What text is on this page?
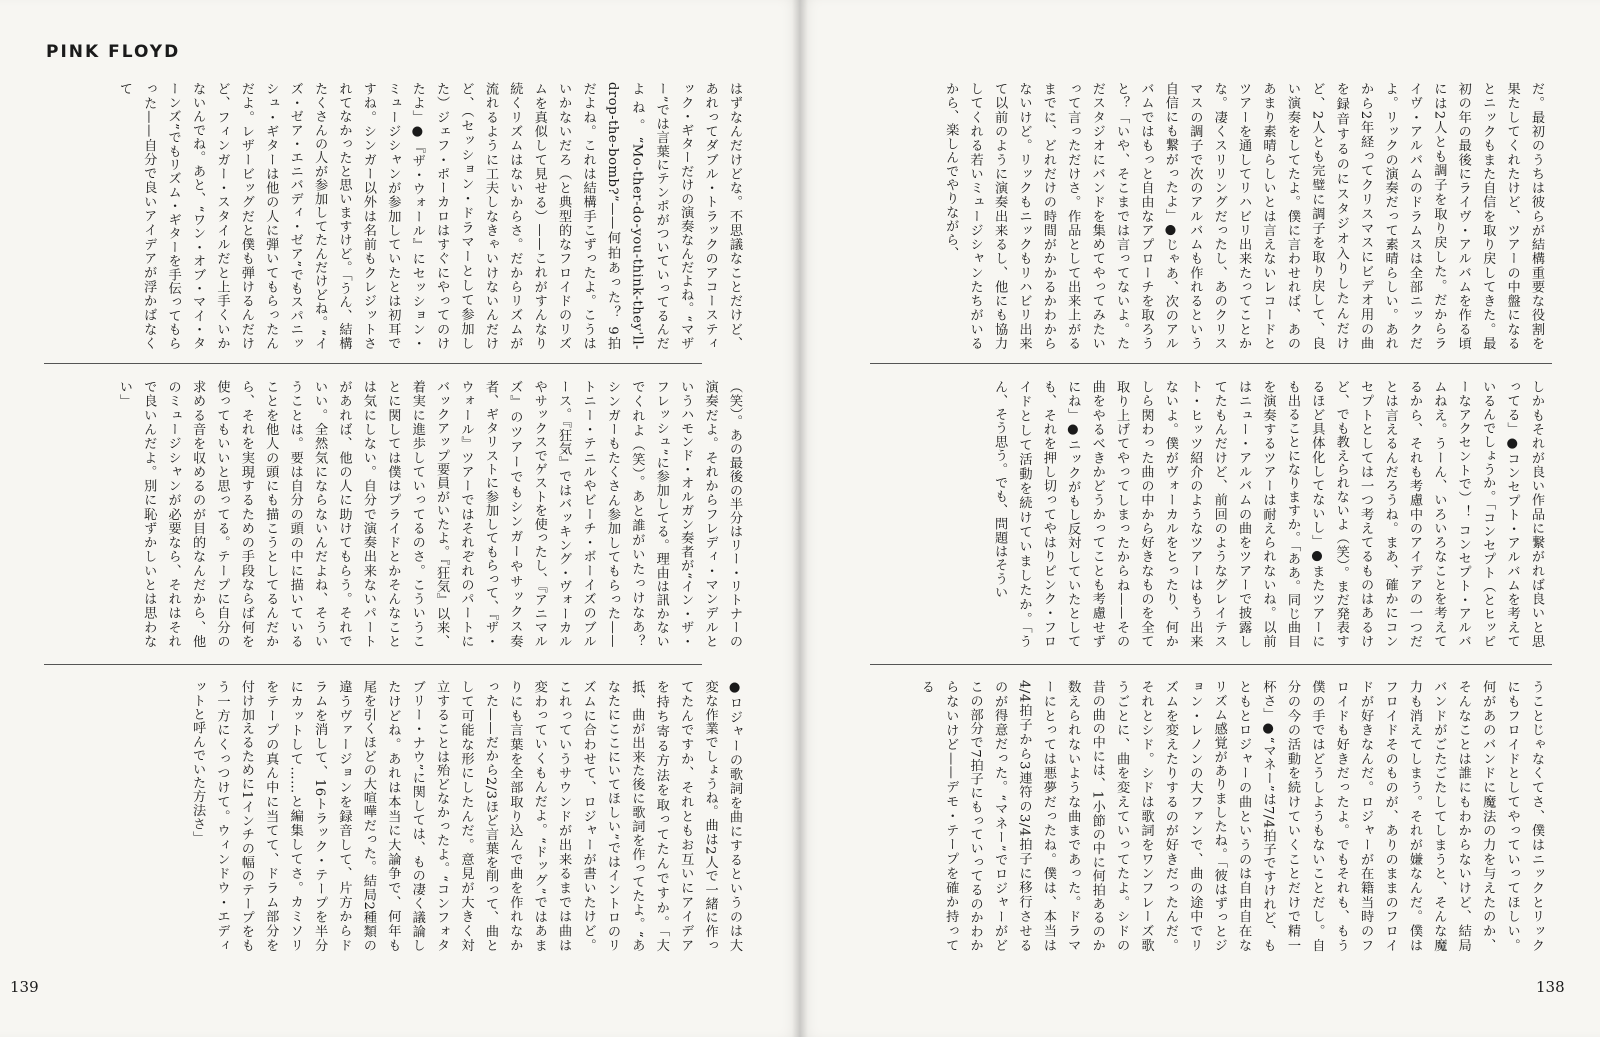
PINK FLOYD
はずなんだけどな。不思議なことだけど、あれってダブル・トラックのアコースティック・ギターだけの演奏なんだよね。“マザー”では言葉にテンポがついていってるんだよね。“Mo-ther-do-you-think-they'll-drop-the-bomb?”——何拍あった？ 9拍だよね。これは結構手こずったよ。こうはいかないだろ（と典型的なフロイドのリズムを真似して見せる）——これがすんなり続くリズムはないからさ。だからリズムが流れるように工夫しなきゃいけないんだけど、（セッション・ドラマーとして参加した）ジェフ・ポーカロはすぐにやってのけたよ」●『ザ・ウォール』にセッション・ミュージシャンが参加していたとは初耳ですね。シンガー以外は名前もクレジットされてなかったと思いますけど。「うん、結構たくさんの人が参加してたんだけどね。“イズ・ゼア・エニバディ・ゼア”でもスパニッシュ・ギターは他の人に弾いてもらったんだよ。レザービッグだと僕も弾けるんだけど、フィンガー・スタイルだと上手くいかないんでね。あと、“ワン・オブ・マイ・ターンズ”でもリズム・ギターを手伝ってもらった——自分で良いアイデアが浮かばなくて
（笑）。あの最後の半分はリー・リトナーの演奏だよ。それからフレディ・マンデルというハモンド・オルガン奏者が“イン・ザ・フレッシュ”に参加してる。理由は訊かないでくれよ（笑）。あと誰がいたっけなあ？ シンガーもたくさん参加してもらった——トニー・テニルやビーチ・ボーイズのブルース。『狂気』ではバッキング・ヴォーカルやサックスでゲストを使ったし、『アニマルズ』のツアーでもシンガーやサックス奏者、ギタリストに参加してもらって、『ザ・ウォール』ツアーではそれぞれのパートにバックアップ要員がいたよ。『狂気』以来、着実に進歩していってるのさ。こういうことに関しては僕はプライドとかそんなことは気にしない。自分で演奏出来ないパートがあれば、他の人に助けてもらう。それでいい。全然気にならないんだよね、そういうことは。要は自分の頭の中に描いていることを他人の頭にも描こうとしてるんだから、それを実現するための手段ならば何を使ってもいいと思ってる。テープに自分の求める音を収めるのが目的なんだから、他のミュージシャンが必要なら、それはそれで良いんだよ。別に恥ずかしいとは思わない」
●ロジャーの歌詞を曲にするというのは大変な作業でしょうね。曲は2人で一緒に作ってたんですか、それともお互いにアイデアを持ち寄る方法を取ってたんですか。「大抵、曲が出来た後に歌詞を作ってたよ。“あなたにここにいてほしい”ではイントロのリズムに合わせて、ロジャーが書いたけど。これっていうサウンドが出来るまでは曲は変わっていくもんだよ。“ドッグ”ではあまりにも言葉を全部取り込んで曲を作れなかった——だから2/3ほど言葉を削って、曲として可能な形にしたんだ。意見が大きく対立することは殆どなかったよ。“コンフォタブリー・ナウ”に関しては、もの凄く議論したけどね。あれは本当に大論争で、何年も尾を引くほどの大喧嘩だった。結局2種類の違うヴァージョンを録音して、片方からドラムを消して、16トラック・テープを半分にカットして……と編集してさ。カミソリをテープの真ん中に当てて、ドラム部分を付け加えるために1インチの幅のテープをもう一方にくっつけて。ウィンドウ・エディットと呼んでいた方法さ」
139
だ。最初のうちは彼らが結構重要な役割を果たしてくれたけど、ツアーの中盤になるとニックもまた自信を取り戻してきた。最初の年の最後にライヴ・アルバムを作る頃には2人とも調子を取り戻した。だからライヴ・アルバムのドラムスは全部ニックだよ。リックの演奏だって素晴らしい。あれから2年経ってクリスマスにビデオ用の曲を録音するのにスタジオ入りしたんだけど、2人とも完璧に調子を取り戻して、良い演奏をしてたよ。僕に言わせれば、あのあまり素晴らしいとは言えないレコードとツアーを通してリハビリ出来たってことかな。凄くスリリングだったし、あのクリスマスの調子で次のアルバムも作れるという自信にも繋がったよ」●じゃあ、次のアルバムではもっと自由なアプローチを取ろうと？「いや、そこまでは言ってないよ。ただスタジオにバンドを集めてやってみたいって言っただけさ。作品として出来上がるまでに、どれだけの時間がかかるかわからないけど。リックもニックもリハビリ出来て以前のように演奏出来るし、他にも協力してくれる若いミュージシャンたちがいるから、楽しんでやりながら、
しかもそれが良い作品に繋がれば良いと思ってる」●コンセプト・アルバムを考えているんでしょうか。「コンセプト（とヒッピーなアクセントで）！ コンセプト・アルバムねえ。うーん、いろいろなことを考えてるから、それも考慮中のアイデアの一つだとは言えるんだろうね。まあ、確かにコンセプトとしては一つ考えてるものはあるけど、でも教えられないよ（笑）。まだ発表するほど具体化してないし」●またツアーにも出ることになりますか。「ああ。同じ曲目を演奏するツアーは耐えられないね。以前はニュー・アルバムの曲をツアーで披露してたもんだけど、前回のようなグレイテスト・ヒッツ紹介のようなツアーはもう出来ないよ。僕がヴォーカルをとったり、何かしら関わった曲の中から好きなものを全て取り上げてやってしまったからね——その曲をやるべきかどうかってことも考慮せずにね」●ニックがもし反対していたとしても、それを押し切ってやはりピンク・フロイドとして活動を続けていましたか。「うん、そう思う。でも、問題はそうい
うことじゃなくてさ、僕はニックとリックにもフロイドとしてやっていってほしい。何があのバンドに魔法の力を与えたのか、そんなことは誰にもわからないけど、結局バンドがごたごたしてしまうと、そんな魔力も消えてしまう。それが嫌なんだ。僕はフロイドそのものが、ありのままのフロイドが好きなんだ。ロジャーが在籍当時のフロイドも好きだったよ。でもそれも、もう僕の手ではどうしようもないことだし。自分の今の活動を続けていくことだけで精一杯さ」●“マネー”は7/4拍子ですけれど、もともとロジャーの曲というのは自由自在なリズム感覚がありましたね。「彼はずっとジョン・レノンの大ファンで、曲の途中でリズムを変えたりするのが好きだったんだ。それとシド。シドは歌詞をワンフレーズ歌うごとに、曲を変えていってたよ。シドの昔の曲の中には、1小節の中に何拍あるのか数えられないような曲まであった。ドラマーにとっては悪夢だったね。僕は、本当は4/4拍子から3連符の3/4拍子に移行させるのが得意だった。“マネー”でロジャーがどこの部分で7拍子にもっていってるのかわからないけど——デモ・テープを確か持ってる
138
